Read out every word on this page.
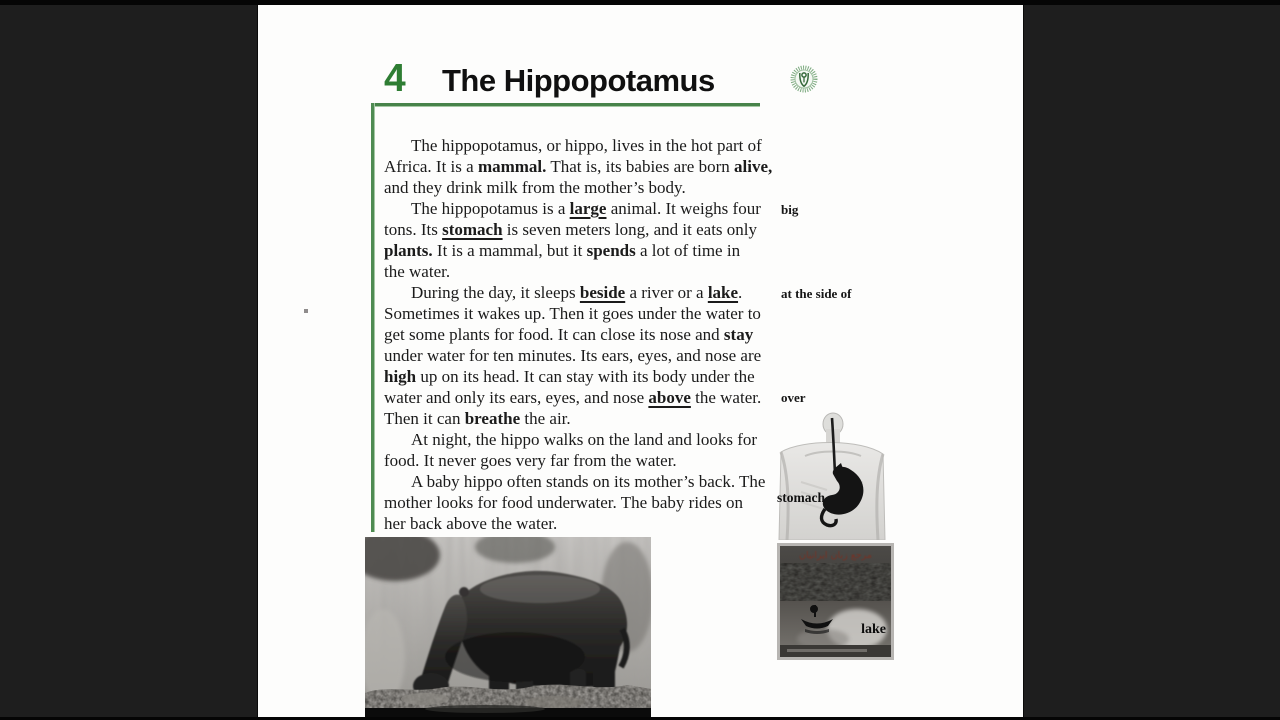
4 The Hippopotamus
The hippopotamus, or hippo, lives in the hot part of
Africa. It is a mammal. That is, its babies are born alive,
and they drink milk from the mother’s body.
The hippopotamus is a large animal. It weighs four
tons. Its stomach is seven meters long, and it eats only
plants. It is a mammal, but it spends a lot of time in
the water.
During the day, it sleeps beside a river or a lake.
Sometimes it wakes up. Then it goes under the water to
get some plants for food. It can close its nose and stay
under water for ten minutes. Its ears, eyes, and nose are
high up on its head. It can stay with its body under the
water and only its ears, eyes, and nose above the water.
Then it can breathe the air.
At night, the hippo walks on the land and looks for
food. It never goes very far from the water.
A baby hippo often stands on its mother’s back. The
mother looks for food underwater. The baby rides on
her back above the water.
big
at the side of
over
stomach
مرجع زبان ایرانیان
lake
